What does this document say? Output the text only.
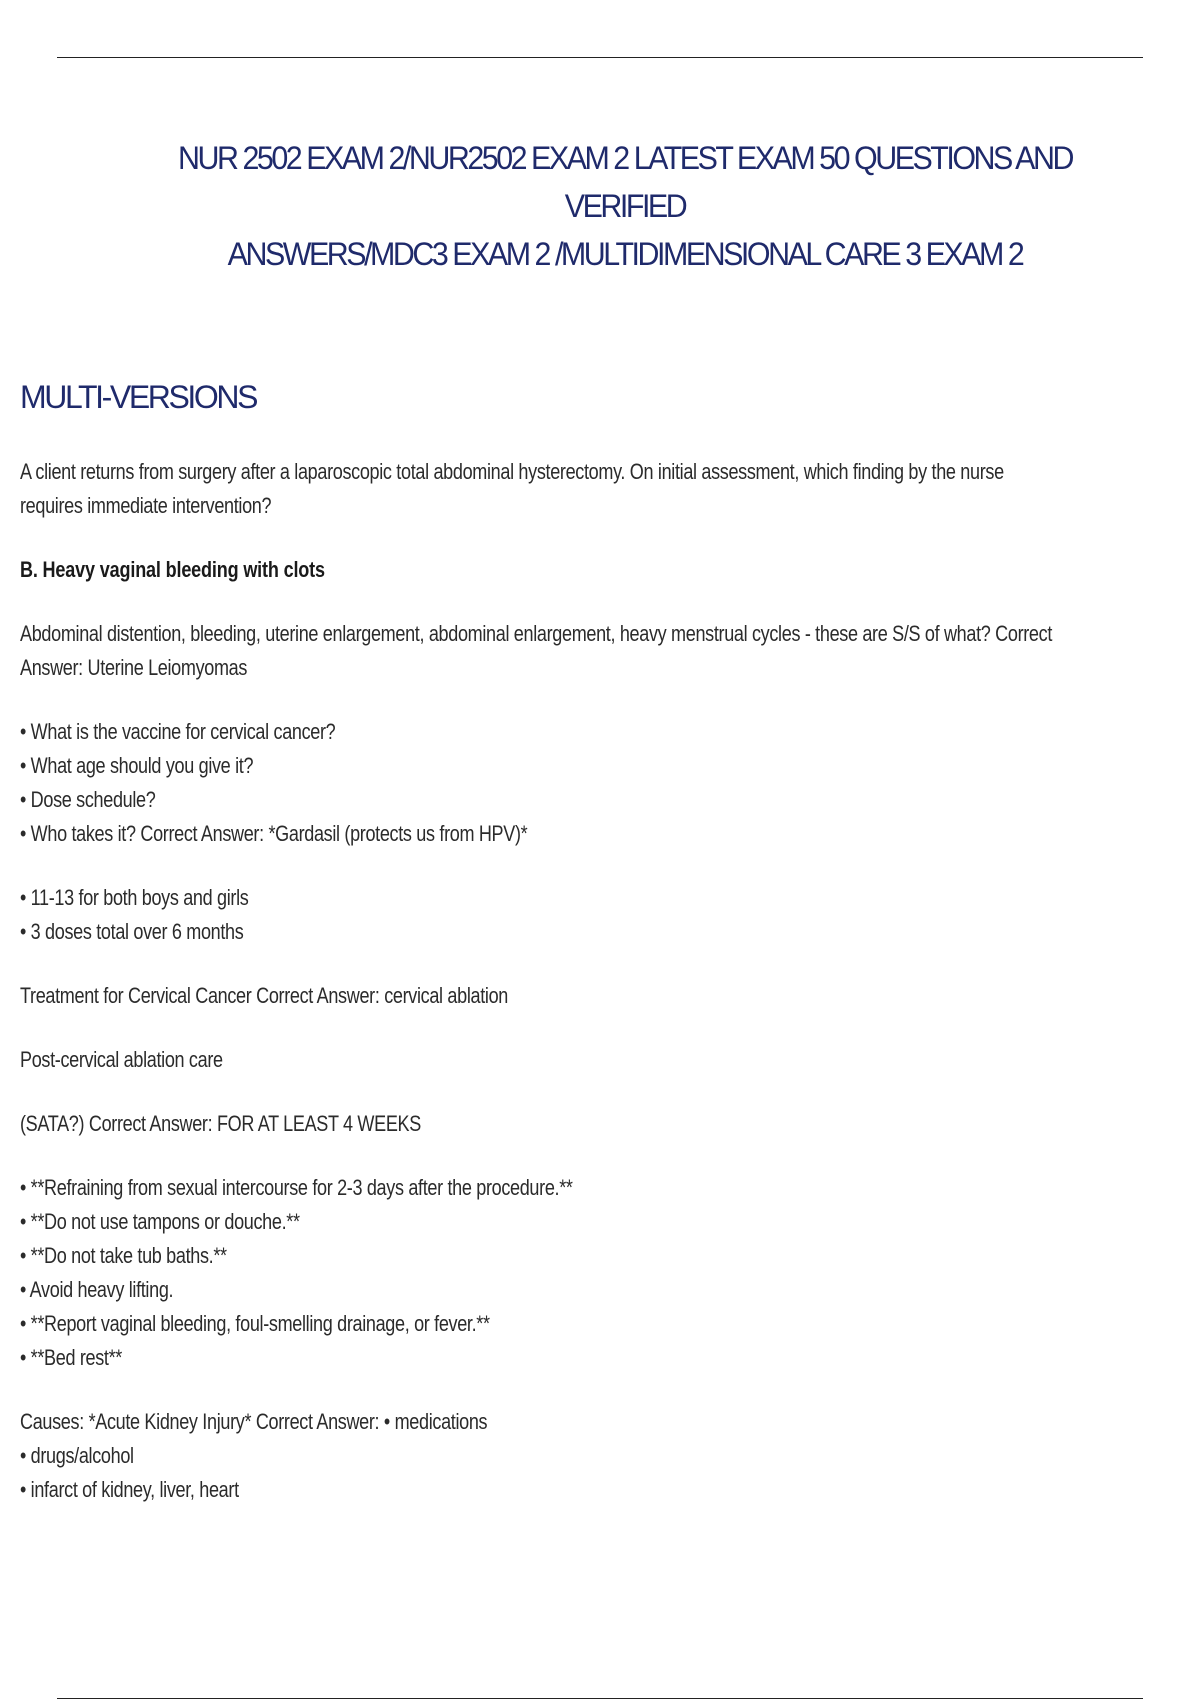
NUR 2502 EXAM 2/NUR2502 EXAM 2 LATEST EXAM 50 QUESTIONS AND VERIFIED
ANSWERS/MDC3 EXAM 2 /MULTIDIMENSIONAL CARE 3 EXAM 2
MULTI-VERSIONS

A client returns from surgery after a laparoscopic total abdominal hysterectomy. On initial assessment, which finding by the nurse
requires immediate intervention?

B. Heavy vaginal bleeding with clots

Abdominal distention, bleeding, uterine enlargement, abdominal enlargement, heavy menstrual cycles - these are S/S of what? Correct
Answer: Uterine Leiomyomas

• What is the vaccine for cervical cancer?
• What age should you give it?
• Dose schedule?
• Who takes it? Correct Answer: *Gardasil (protects us from HPV)*

• 11-13 for both boys and girls
• 3 doses total over 6 months

Treatment for Cervical Cancer Correct Answer: cervical ablation

Post-cervical ablation care

(SATA?) Correct Answer: FOR AT LEAST 4 WEEKS

• **Refraining from sexual intercourse for 2-3 days after the procedure.**
• **Do not use tampons or douche.**
• **Do not take tub baths.**
• Avoid heavy lifting.
• **Report vaginal bleeding, foul-smelling drainage, or fever.**
• **Bed rest**

Causes: *Acute Kidney Injury* Correct Answer: • medications
• drugs/alcohol
• infarct of kidney, liver, heart
